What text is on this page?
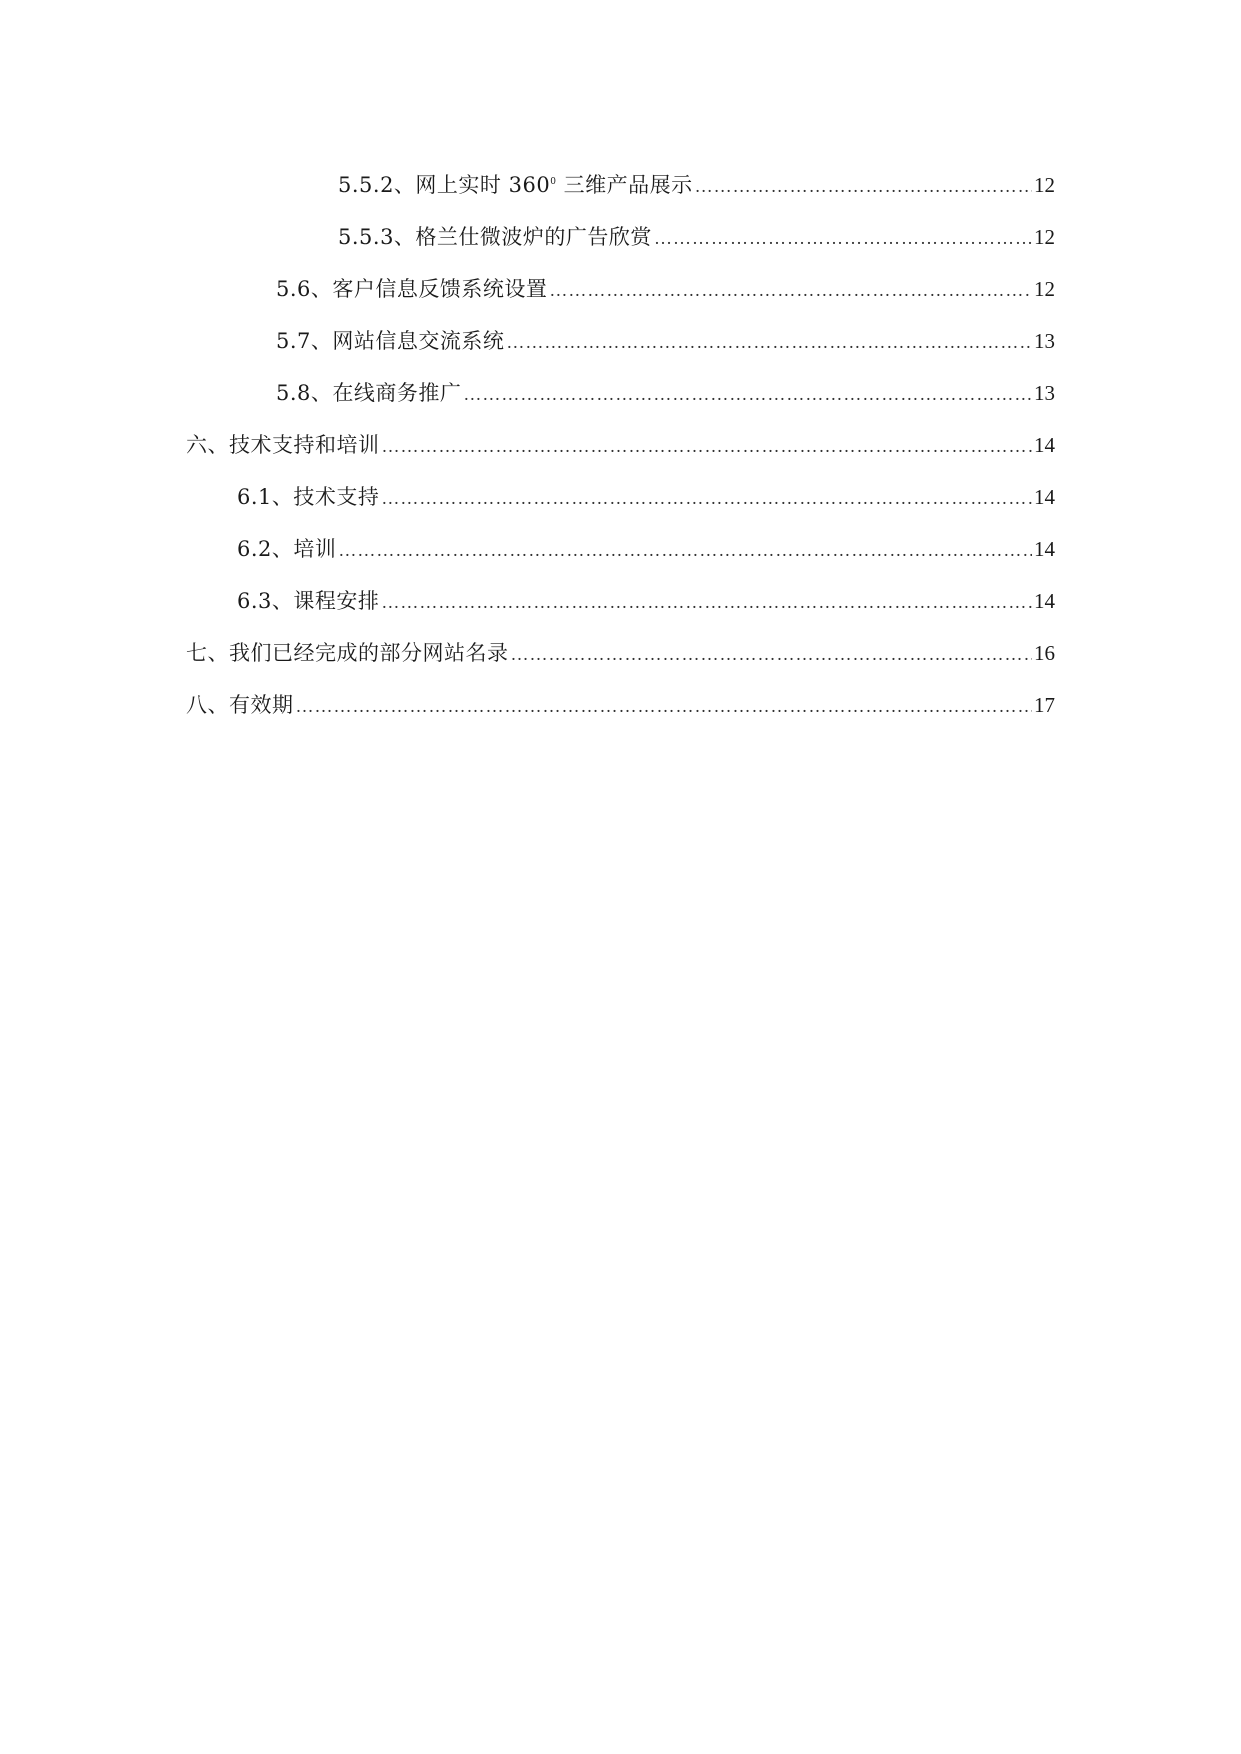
5.5.2、网上实时 $360^0$ 三维产品展示 ………………………………………………………………………………………………………………………………………………	12
5.5.3、格兰仕微波炉的广告欣赏 ………………………………………………………………………………………………………………………………………………	12
5.6、客户信息反馈系统设置 ………………………………………………………………………………………………………………………………………………	12
5.7、网站信息交流系统 ………………………………………………………………………………………………………………………………………………	13
5.8、在线商务推广 ………………………………………………………………………………………………………………………………………………	13
六、技术支持和培训 ………………………………………………………………………………………………………………………………………………	14
6.1、技术支持 ………………………………………………………………………………………………………………………………………………	14
6.2、培训 ………………………………………………………………………………………………………………………………………………	14
6.3、课程安排 ………………………………………………………………………………………………………………………………………………	14
七、我们已经完成的部分网站名录 ………………………………………………………………………………………………………………………………………………	16
八、有效期 ………………………………………………………………………………………………………………………………………………	17
